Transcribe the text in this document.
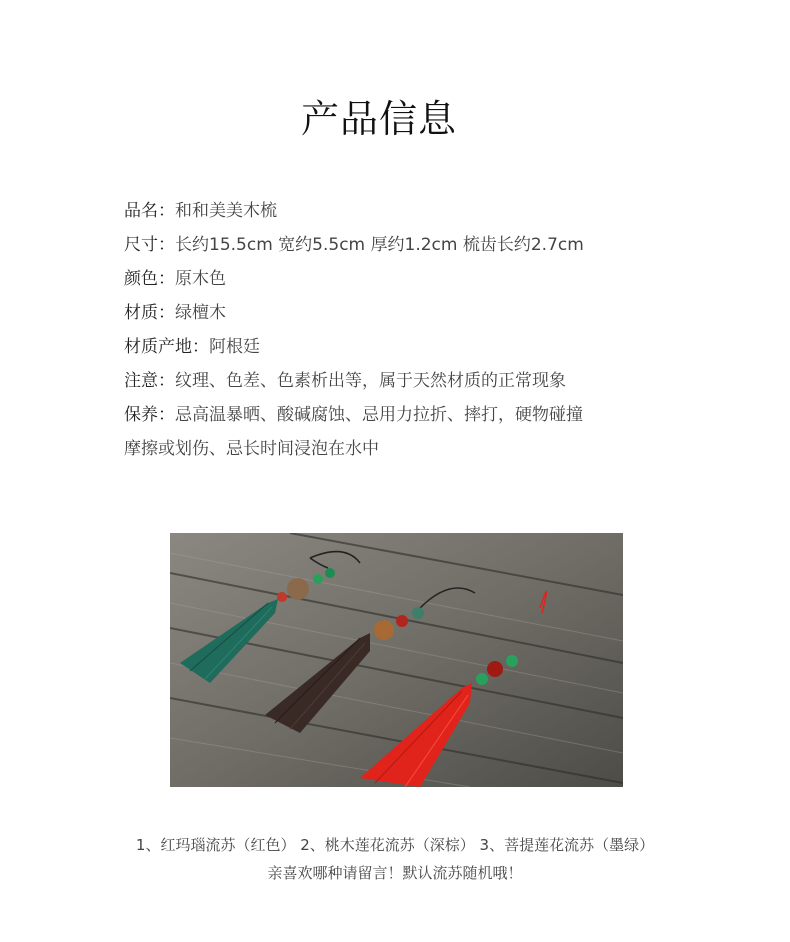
产品信息
品名：和和美美木梳
尺寸：长约15.5cm 宽约5.5cm 厚约1.2cm 梳齿长约2.7cm
颜色：原木色
材质：绿檀木
材质产地：阿根廷
注意：纹理、色差、色素析出等，属于天然材质的正常现象
保养：忌高温暴晒、酸碱腐蚀、忌用力拉折、摔打，硬物碰撞
摩擦或划伤、忌长时间浸泡在水中
1、红玛瑙流苏（红色） 2、桃木莲花流苏（深棕） 3、菩提莲花流苏（墨绿）
亲喜欢哪种请留言！默认流苏随机哦！
